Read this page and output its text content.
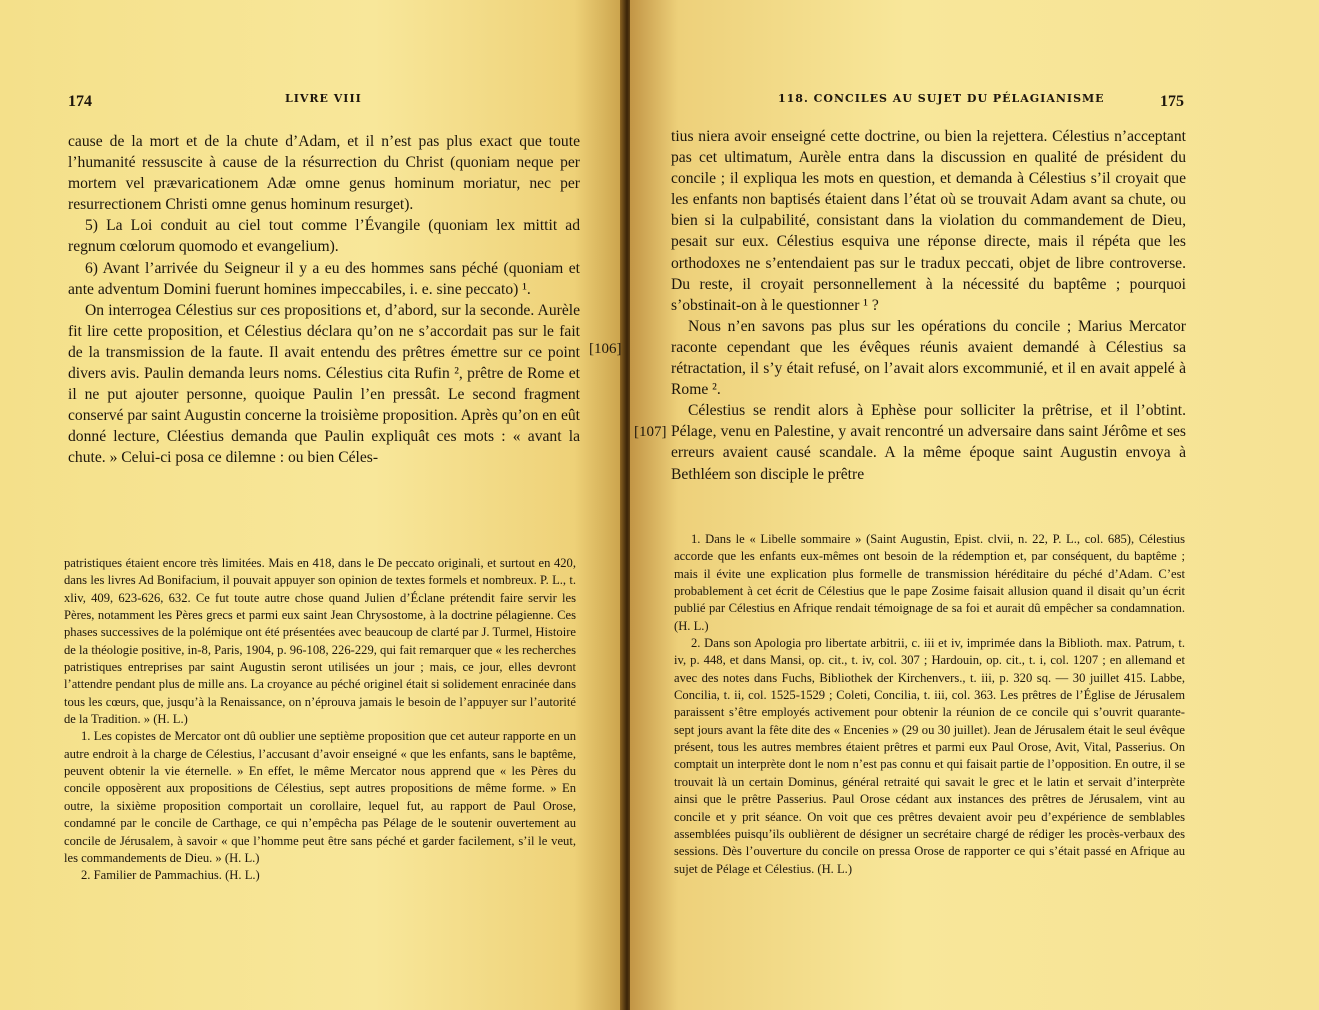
174	LIVRE VIII

cause de la mort et de la chute d’Adam, et il n’est pas plus exact que toute l’humanité ressuscite à cause de la résurrection du Christ (quoniam neque per mortem vel prævaricationem Adæ omne genus hominum moriatur, nec per resurrectionem Christi omne genus hominum resurget).

5) La Loi conduit au ciel tout comme l’Évangile (quoniam lex mittit ad regnum cœlorum quomodo et evangelium).

6) Avant l’arrivée du Seigneur il y a eu des hommes sans péché (quoniam et ante adventum Domini fuerunt homines impeccabiles, i. e. sine peccato) ¹.

On interrogea Célestius sur ces propositions et, d’abord, sur la seconde. Aurèle fit lire cette proposition, et Célestius déclara qu’on ne s’accordait pas sur le fait de la transmission de la faute. Il avait entendu des prêtres émettre sur ce point divers avis. Paulin demanda leurs noms. Célestius cita Rufin ², prêtre de Rome et il ne put ajouter personne, quoique Paulin l’en pressât. Le second fragment conservé par saint Augustin concerne la troisième proposition. Après qu’on en eût donné lecture, Cléestius demanda que Paulin expliquât ces mots : « avant la chute. » Celui-ci posa ce dilemne : ou bien Céles-

patristiques étaient encore très limitées. Mais en 418, dans le De peccato originali, et surtout en 420, dans les livres Ad Bonifacium, il pouvait appuyer son opinion de textes formels et nombreux. P. L., t. xliv, 409, 623-626, 632. Ce fut toute autre chose quand Julien d’Éclane prétendit faire servir les Pères, notamment les Pères grecs et parmi eux saint Jean Chrysostome, à la doctrine pélagienne. Ces phases successives de la polémique ont été présentées avec beaucoup de clarté par J. Turmel, Histoire de la théologie positive, in-8, Paris, 1904, p. 96-108, 226-229, qui fait remarquer que « les recherches patristiques entreprises par saint Augustin seront utilisées un jour ; mais, ce jour, elles devront l’attendre pendant plus de mille ans. La croyance au péché originel était si solidement enracinée dans tous les cœurs, que, jusqu’à la Renaissance, on n’éprouva jamais le besoin de l’appuyer sur l’autorité de la Tradition. » (H. L.)

1. Les copistes de Mercator ont dû oublier une septième proposition que cet auteur rapporte en un autre endroit à la charge de Célestius, l’accusant d’avoir enseigné « que les enfants, sans le baptême, peuvent obtenir la vie éternelle. » En effet, le même Mercator nous apprend que « les Pères du concile opposèrent aux propositions de Célestius, sept autres propositions de même forme. » En outre, la sixième proposition comportait un corollaire, lequel fut, au rapport de Paul Orose, condamné par le concile de Carthage, ce qui n’empêcha pas Pélage de le soutenir ouvertement au concile de Jérusalem, à savoir « que l’homme peut être sans péché et garder facilement, s’il le veut, les commandements de Dieu. » (H. L.)

2. Familier de Pammachius. (H. L.)

118. CONCILES AU SUJET DU PÉLAGIANISME	175

tius niera avoir enseigné cette doctrine, ou bien la rejettera. Célestius n’acceptant pas cet ultimatum, Aurèle entra dans la discussion en qualité de président du concile ; il expliqua les mots en question, et demanda à Célestius s’il croyait que les enfants non baptisés étaient dans l’état où se trouvait Adam avant sa chute, ou bien si la culpabilité, consistant dans la violation du commandement de Dieu, pesait sur eux. Célestius esquiva une réponse directe, mais il répéta que les orthodoxes ne s’entendaient pas sur le tradux peccati, objet de libre controverse. Du reste, il croyait personnellement à la nécessité du baptême ; pourquoi s’obstinait-on à le questionner ¹ ?

Nous n’en savons pas plus sur les opérations du concile ; Marius Mercator raconte cependant que les évêques réunis avaient demandé à Célestius sa rétractation, il s’y était refusé, on l’avait alors excommunié, et il en avait appelé à Rome ².

Célestius se rendit alors à Ephèse pour solliciter la prêtrise, et il l’obtint. Pélage, venu en Palestine, y avait rencontré un adversaire dans saint Jérôme et ses erreurs avaient causé scandale. A la même époque saint Augustin envoya à Bethléem son disciple le prêtre

1. Dans le « Libelle sommaire » (Saint Augustin, Epist. clvii, n. 22, P. L., col. 685), Célestius accorde que les enfants eux-mêmes ont besoin de la rédemption et, par conséquent, du baptême ; mais il évite une explication plus formelle de transmission héréditaire du péché d’Adam. C’est probablement à cet écrit de Célestius que le pape Zosime faisait allusion quand il disait qu’un écrit publié par Célestius en Afrique rendait témoignage de sa foi et aurait dû empêcher sa condamnation. (H. L.)

2. Dans son Apologia pro libertate arbitrii, c. iii et iv, imprimée dans la Biblioth. max. Patrum, t. iv, p. 448, et dans Mansi, op. cit., t. iv, col. 307 ; Hardouin, op. cit., t. i, col. 1207 ; en allemand et avec des notes dans Fuchs, Bibliothek der Kirchenvers., t. iii, p. 320 sq. — 30 juillet 415. Labbe, Concilia, t. ii, col. 1525-1529 ; Coleti, Concilia, t. iii, col. 363. Les prêtres de l’Église de Jérusalem paraissent s’être employés activement pour obtenir la réunion de ce concile qui s’ouvrit quarante-sept jours avant la fête dite des « Encenies » (29 ou 30 juillet). Jean de Jérusalem était le seul évêque présent, tous les autres membres étaient prêtres et parmi eux Paul Orose, Avit, Vital, Passerius. On comptait un interprète dont le nom n’est pas connu et qui faisait partie de l’opposition. En outre, il se trouvait là un certain Dominus, général retraité qui savait le grec et le latin et servait d’interprète ainsi que le prêtre Passerius. Paul Orose cédant aux instances des prêtres de Jérusalem, vint au concile et y prit séance. On voit que ces prêtres devaient avoir peu d’expérience de semblables assemblées puisqu’ils oublièrent de désigner un secrétaire chargé de rédiger les procès-verbaux des sessions. Dès l’ouverture du concile on pressa Orose de rapporter ce qui s’était passé en Afrique au sujet de Pélage et Célestius. (H. L.)

[106]
[107]
